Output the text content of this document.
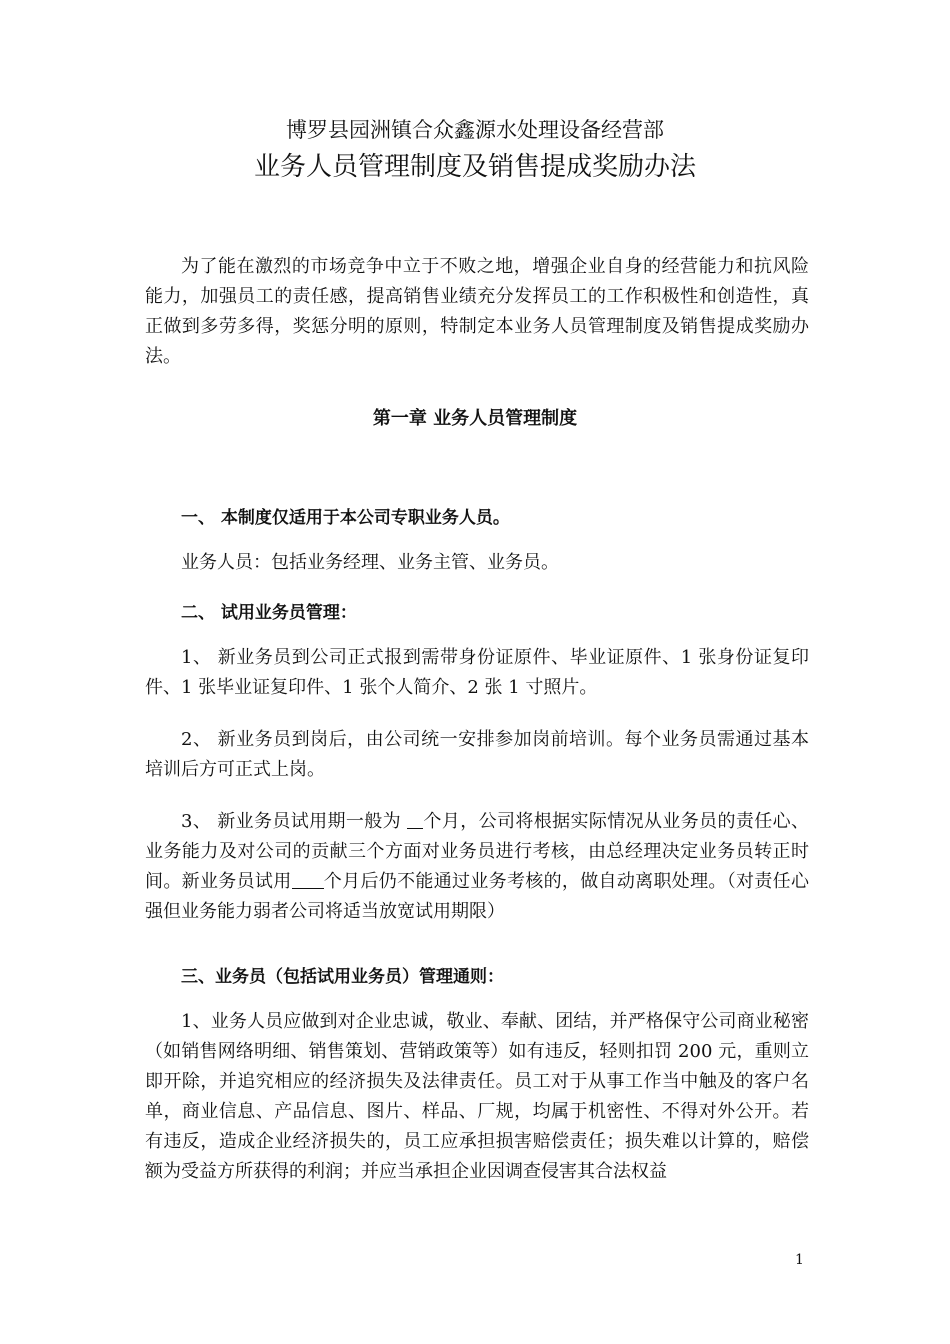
博罗县园洲镇合众鑫源水处理设备经营部
业务人员管理制度及销售提成奖励办法

为了能在激烈的市场竞争中立于不败之地，增强企业自身的经营能力和抗风险能力，加强员工的责任感，提高销售业绩充分发挥员工的工作积极性和创造性，真正做到多劳多得，奖惩分明的原则，特制定本业务人员管理制度及销售提成奖励办法。

第一章 业务人员管理制度
一、 本制度仅适用于本公司专职业务人员。
业务人员：包括业务经理、业务主管、业务员。
二、 试用业务员管理：

1、 新业务员到公司正式报到需带身份证原件、毕业证原件、1 张身份证复印件、1 张毕业证复印件、1 张个人简介、2 张 1 寸照片。

2、 新业务员到岗后，由公司统一安排参加岗前培训。每个业务员需通过基本培训后方可正式上岗。

3、 新业务员试用期一般为 个月，公司将根据实际情况从业务员的责任心、业务能力及对公司的贡献三个方面对业务员进行考核，由总经理决定业务员转正时间。新业务员试用 个月后仍不能通过业务考核的，做自动离职处理。（对责任心强但业务能力弱者公司将适当放宽试用期限）

三、业务员（包括试用业务员）管理通则：

1、业务人员应做到对企业忠诚，敬业、奉献、团结，并严格保守公司商业秘密（如销售网络明细、销售策划、营销政策等）如有违反，轻则扣罚 200 元，重则立即开除，并追究相应的经济损失及法律责任。员工对于从事工作当中触及的客户名单，商业信息、产品信息、图片、样品、厂规，均属于机密性、不得对外公开。若有违反，造成企业经济损失的，员工应承担损害赔偿责任；损失难以计算的，赔偿额为受益方所获得的利润；并应当承担企业因调查侵害其合法权益

1
